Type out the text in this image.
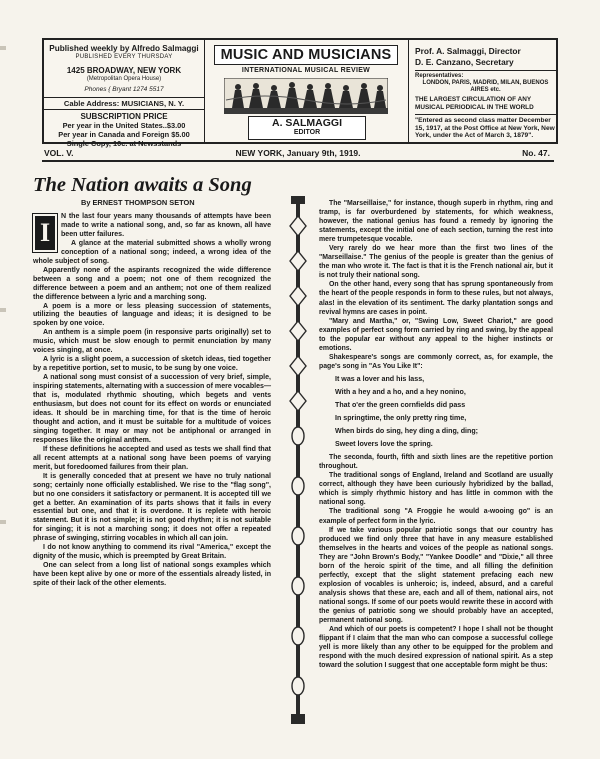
Published weekly by Alfredo Salmaggi
PUBLISHED EVERY THURSDAY
1425 BROADWAY, NEW YORK
(Metropolitan Opera House)
Phones { Bryant 1274 5517
Cable Address: MUSICIANS, N. Y.
SUBSCRIPTION PRICE
Per year in the United States..$3.00
Per year in Canada and Foreign $5.00
Single Copy, 10c. at Newsstands
MUSIC AND MUSICIANS
INTERNATIONAL MUSICAL REVIEW
A. SALMAGGI
EDITOR
Prof. A. Salmaggi, Director
D. E. Canzano, Secretary
Representatives:
LONDON, PARIS, MADRID, MILAN, BUENOS AIRES etc.
THE LARGEST CIRCULATION OF ANY MUSICAL PERIODICAL IN THE WORLD
"Entered as second class matter December 15, 1917, at the Post Office at New York, New York, under the Act of March 3, 1879".
VOL. V.	NEW YORK, January 9th, 1919.	No. 47.
The Nation awaits a Song
By ERNEST THOMPSON SETON

I
N the last four years many thousands of attempts have been made to write a national song, and, so far as known, all have been utter failures.

A glance at the material submitted shows a wholly wrong conception of a national song; indeed, a wrong idea of the whole subject of song.

Apparently none of the aspirants recognized the wide difference between a song and a poem; not one of them recognized the difference between a poem and an anthem; not one of them realized the difference between a lyric and a marching song.

A poem is a more or less pleasing succession of statements, utilizing the beauties of language and ideas; it is designed to be spoken by one voice.

An anthem is a simple poem (in responsive parts originally) set to music, which must be slow enough to permit enunciation by many voices singing, at once.

A lyric is a slight poem, a succession of sketch ideas, tied together by a repetitive portion, set to music, to be sung by one voice.

A national song must consist of a succession of very brief, simple, inspiring statements, alternating with a succession of mere vocables—that is, modulated rhythmic shouting, which begets and vents enthusiasm, but does not count for its effect on words or enunciated ideas. It should be in marching time, for that is the time of heroic thought and action, and it must be suitable for a multitude of voices singing together. It may or may not be antiphonal or arranged in responses like the original anthem.

If these definitions he accepted and used as tests we shall find that all recent attempts at a national song have been poems of varying merit, but foredoomed failures from their plan.

It is generally conceded that at present we have no truly national song; certainly none officially established. We rise to the "flag song", but no one considers it satisfactory or permanent. It is accepted till we get a better. An examination of its parts shows that it fails in every essential but one, and that it is overdone. It is replete with heroic statement. But it is not simple; it is not good rhythm; it is not suitable for singing; it is not a marching song; it does not offer a repeated phrase of swinging, stirring vocables in which all can join.

I do not know anything to commend its rival "America," except the dignity of the music, which is preempted by Great Britain.

One can select from a long list of national songs examples which have been kept alive by one or more of the essentials already listed, in spite of their lack of the other elements.

The "Marseillaise," for instance, though superb in rhythm, ring and tramp, is far overburdened by statements, for which weakness, however, the national genius has found a remedy by ignoring the statements, except the initial one of each section, turning the rest into mere trumpetesque vocable.

Very rarely do we hear more than the first two lines of the "Marseillaise." The genius of the people is greater than the genius of the man who wrote it. The fact is that it is the French national air, but it is not truly their national song.

On the other hand, every song that has sprung spontaneously from the heart of the people responds in form to these rules, but not always, alas! in the elevation of its sentiment. The darky plantation songs and revival hymns are cases in point.

"Mary and Martha," or, "Swing Low, Sweet Chariot," are good examples of perfect song form carried by ring and swing, by the appeal to the popular ear without any appeal to the higher instincts or emotions.

Shakespeare's songs are commonly correct, as, for example, the page's song in "As You Like It":

It was a lover and his lass,
With a hey and a ho, and a hey nonino,
That o'er the green cornfields did pass
In springtime, the only pretty ring time,
When birds do sing, hey ding a ding, ding;
Sweet lovers love the spring.

The seconda, fourth, fifth and sixth lines are the repetitive portion throughout.

The traditional songs of England, Ireland and Scotland are usually correct, although they have been curiously hybridized by the ballad, which is simply rhythmic history and has little in common with the national song.

The traditional song "A Froggie he would a-wooing go" is an example of perfect form in the lyric.

If we take various popular patriotic songs that our country has produced we find only three that have in any measure established themselves in the hearts and voices of the people as national songs. They are "John Brown's Body," "Yankee Doodle" and "Dixie," all three born of the heroic spirit of the time, and all filling the definition perfectly, except that the slight statement prefacing each new explosion of vocables is unheroic; is, indeed, absurd, and a careful analysis shows that these are, each and all of them, national airs, not national songs. If some of our poets would rewrite these in accord with the genius of patriotic song we should probably have an accepted, permanent national song.

And which of our poets is competent? I hope I shall not be thought flippant if I claim that the man who can compose a successful college yell is more likely than any other to be equipped for the problem and respond with the much desired expression of national spirit. As a step toward the solution I suggest that one acceptable form might be thus:
